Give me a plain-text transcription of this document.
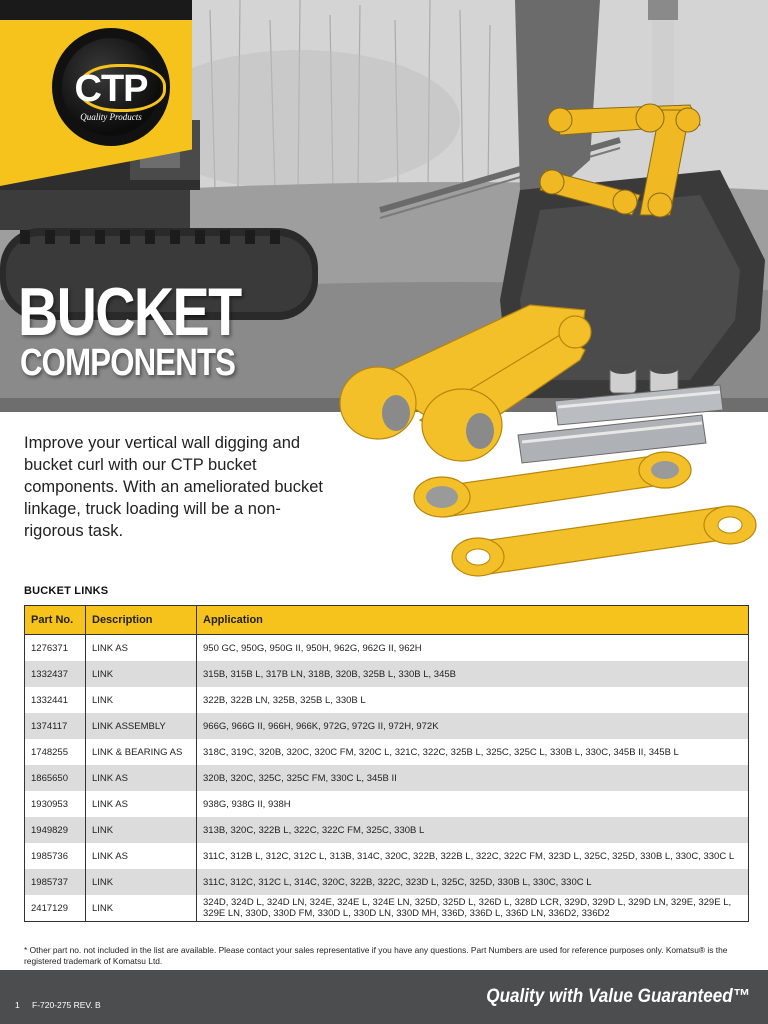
CTP
Quality Products
BUCKET
COMPONENTS

Improve your vertical wall digging and bucket curl with our CTP bucket components. With an ameliorated bucket linkage, truck loading will be a non-rigorous task.

BUCKET LINKS
Part No.	Description	Application
1276371	LINK AS	950 GC, 950G, 950G II, 950H, 962G, 962G II, 962H
1332437	LINK	315B, 315B L, 317B LN, 318B, 320B, 325B L, 330B L, 345B
1332441	LINK	322B, 322B LN, 325B, 325B L, 330B L
1374117	LINK ASSEMBLY	966G, 966G II, 966H, 966K, 972G, 972G II, 972H, 972K
1748255	LINK & BEARING AS	318C, 319C, 320B, 320C, 320C FM, 320C L, 321C, 322C, 325B L, 325C, 325C L, 330B L, 330C, 345B II, 345B L
1865650	LINK AS	320B, 320C, 325C, 325C FM, 330C L, 345B II
1930953	LINK AS	938G, 938G II, 938H
1949829	LINK	313B, 320C, 322B L, 322C, 322C FM, 325C, 330B L
1985736	LINK AS	311C, 312B L, 312C, 312C L, 313B, 314C, 320C, 322B, 322B L, 322C, 322C FM, 323D L, 325C, 325D, 330B L, 330C, 330C L
1985737	LINK	311C, 312C, 312C L, 314C, 320C, 322B, 322C, 323D L, 325C, 325D, 330B L, 330C, 330C L
2417129	LINK	324D, 324D L, 324D LN, 324E, 324E L, 324E LN, 325D, 325D L, 326D L, 328D LCR, 329D, 329D L, 329D LN, 329E, 329E L, 329E LN, 330D, 330D FM, 330D L, 330D LN, 330D MH, 336D, 336D L, 336D LN, 336D2, 336D2
* Other part no. not included in the list are available. Please contact your sales representative if you have any questions. Part Numbers are used for reference purposes only. Komatsu® is the registered trademark of Komatsu Ltd.
1 F-720-275 REV. B	Quality with Value Guaranteed™
